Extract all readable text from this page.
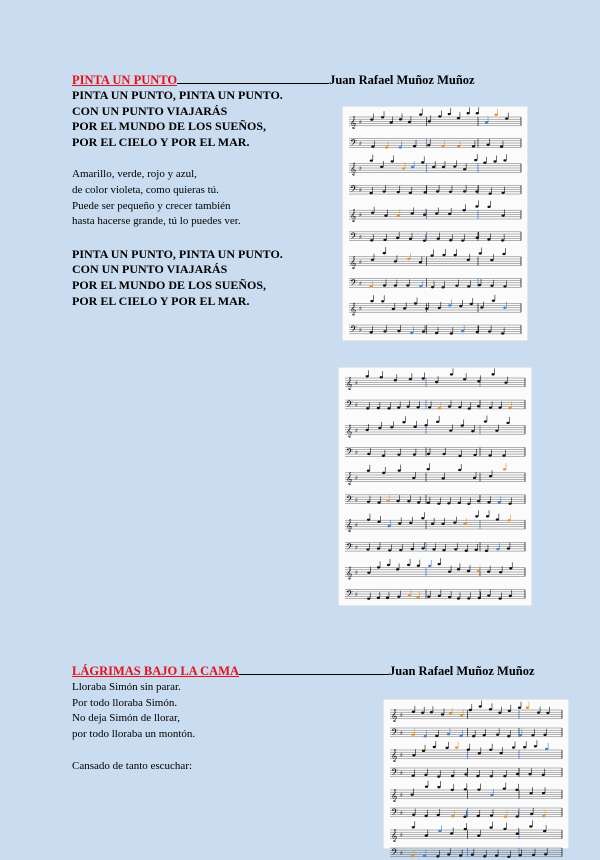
PINTA UN PUNTO	Juan Rafael Muñoz Muñoz
PINTA UN PUNTO, PINTA UN PUNTO.
CON UN PUNTO VIAJARÁS
POR EL MUNDO DE LOS SUEÑOS,
POR EL CIELO Y POR EL MAR.
Amarillo, verde, rojo y azul,
de color violeta, como quieras tú.
Puede ser pequeño y crecer también
hasta hacerse grande, tú lo puedes ver.
PINTA UN PUNTO, PINTA UN PUNTO.
CON UN PUNTO VIAJARÁS
POR EL MUNDO DE LOS SUEÑOS,
POR EL CIELO Y POR EL MAR.
𝄞 ♯
𝄢 ♯
𝄞 ♯
𝄢 ♯
𝄞 ♯
𝄢 ♯
𝄞 ♯
𝄢 ♯
𝄞 ♯
𝄢 ♯
𝄞 ♯
𝄢 ♯
𝄞 ♯
𝄢 ♯
𝄞 ♯
𝄢 ♯
𝄞 ♯
𝄢 ♯
𝄞 ♯
𝄢 ♯
LÁGRIMAS BAJO LA CAMA	Juan Rafael Muñoz Muñoz
Lloraba Simón sin parar.
Por todo lloraba Simón.
No deja Simón de llorar,
por todo lloraba un montón.
Cansado de tanto escuchar:
𝄞 ♯
𝄢 ♯
𝄞 ♯
𝄢 ♯
𝄞 ♯
𝄢 ♯
𝄞 ♯
𝄢 ♯
